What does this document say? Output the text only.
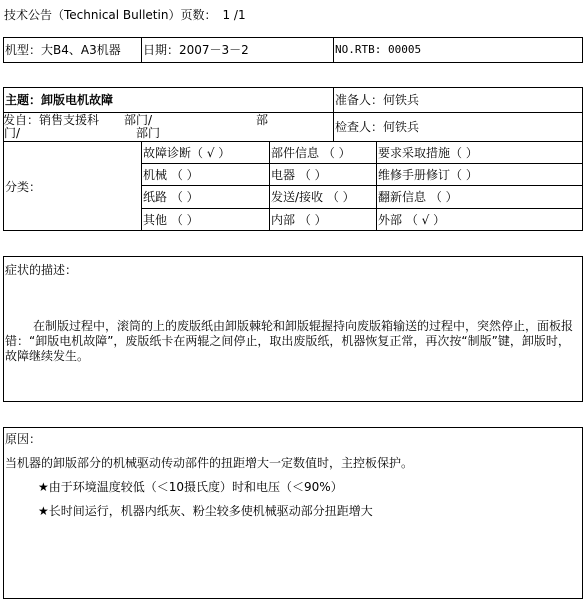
技术公告（Technical Bulletin）页数： 1 /1
机型：大B4、A3机器 日期：2007－3－2	NO.RTB: 00005
主题：卸版电机故障	准备人：何铁兵
发自：销售支援科 部门/	部
门/	部门	检查人：何铁兵
分类：
故障诊断（ √ ）	部件信息 （ ） 要求采取措施（ ）
机械 （ ）	电器 （ ）	维修手册修订（ ）
纸路 （ ）	发送/接收 （ ） 翻新信息 （ ）
其他 （ ）	内部 （ ）	外部 （ √ ）
症状的描述：
在制版过程中，滚筒的上的废版纸由卸版棘轮和卸版辊握持向废版箱输送的过程中，突然停止，面板报错：“卸版电机故障”，废版纸卡在两辊之间停止，取出废版纸，机器恢复正常，再次按“制版”键，卸版时，故障继续发生。
原因：
当机器的卸版部分的机械驱动传动部件的扭距增大一定数值时，主控板保护。
★由于环境温度较低（＜10摄氏度）时和电压（＜90%）
★长时间运行，机器内纸灰、粉尘较多使机械驱动部分扭距增大
